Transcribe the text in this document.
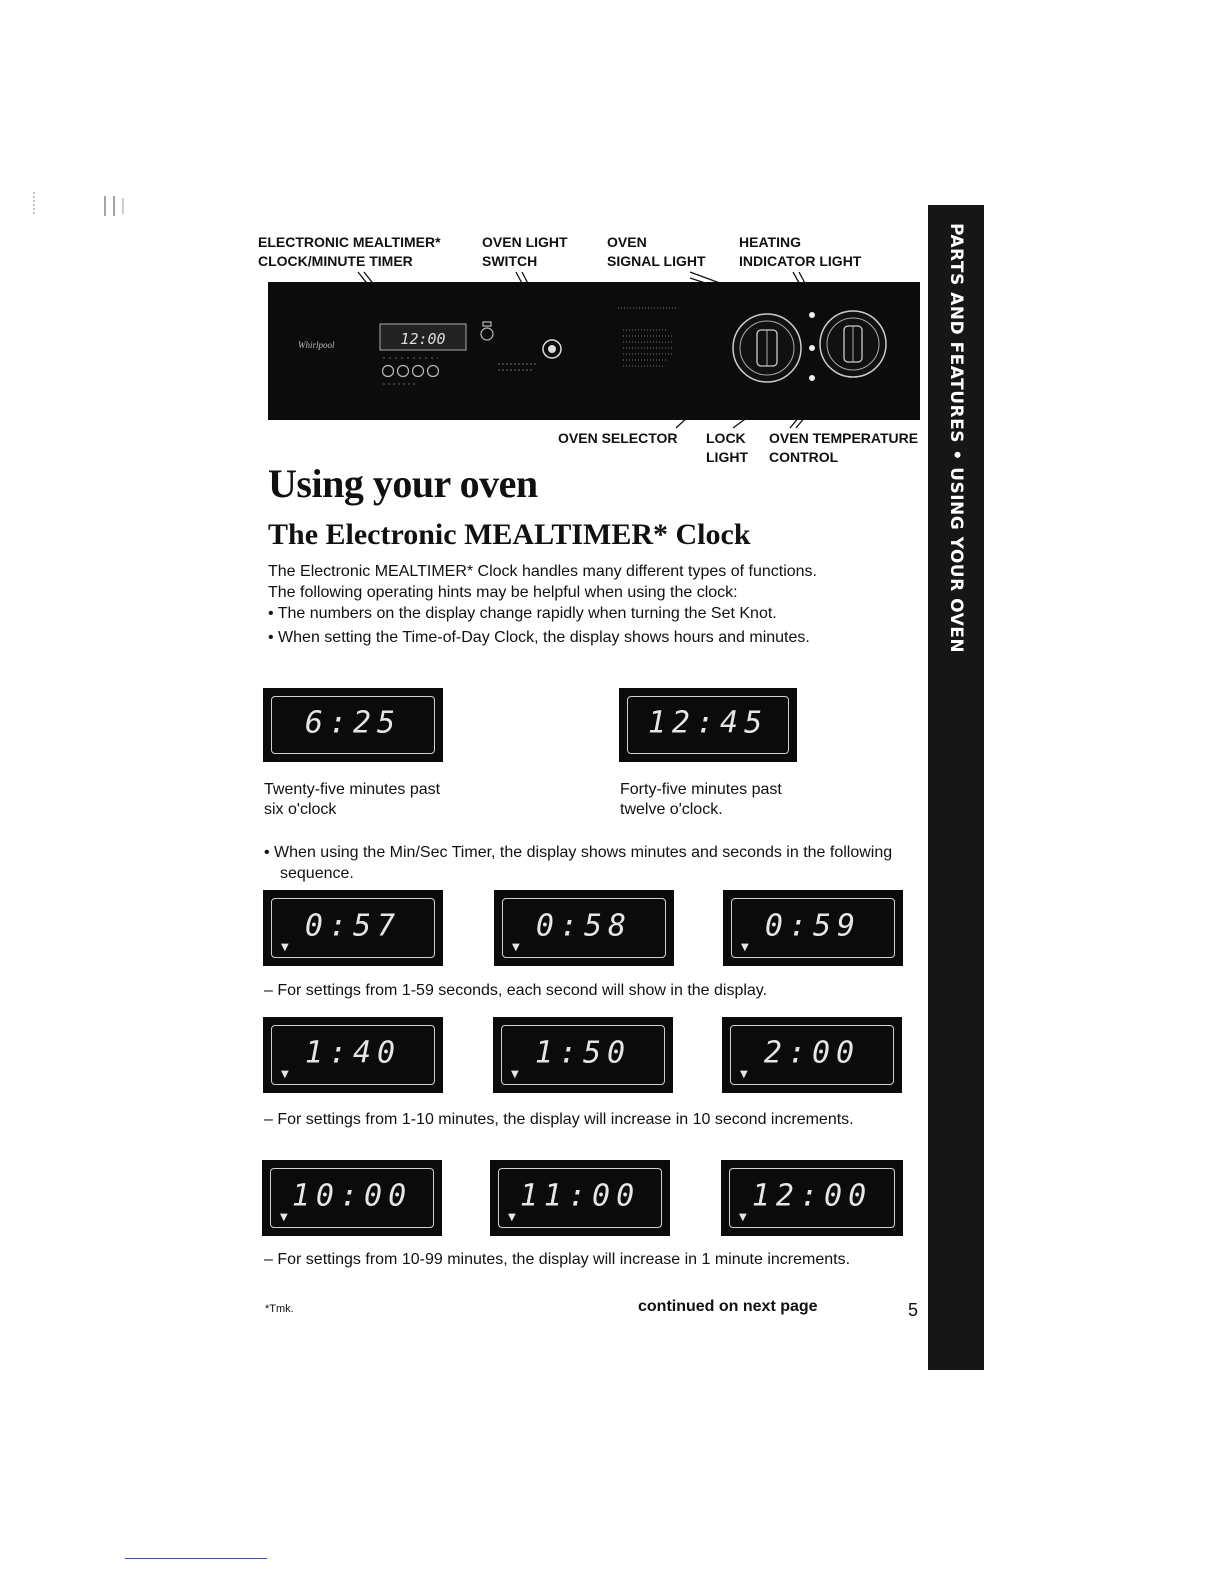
PARTS AND FEATURES • USING YOUR OVEN
ELECTRONIC MEALTIMER*
CLOCK/MINUTE TIMER
OVEN LIGHT
SWITCH
OVEN
SIGNAL LIGHT
HEATING
INDICATOR LIGHT
OVEN SELECTOR LOCK
LIGHT
OVEN TEMPERATURE
CONTROL
Whirlpool	12:00
Using your oven
The Electronic MEALTIMER* Clock
The Electronic MEALTIMER* Clock handles many different types of functions.
The following operating hints may be helpful when using the clock:
• The numbers on the display change rapidly when turning the Set Knot.
• When setting the Time-of-Day Clock, the display shows hours and minutes.
6:25
Twenty-five minutes past
six o'clock
12:45
Forty-five minutes past
twelve o'clock.
• When using the Min/Sec Timer, the display shows minutes and seconds in the following sequence.
0:57
▼
0:58
▼
0:59
▼
– For settings from 1-59 seconds, each second will show in the display.
1:40
▼
1:50
▼
2:00
▼
– For settings from 1-10 minutes, the display will increase in 10 second increments.
10:00
▼
11:00
▼
12:00
▼
– For settings from 10-99 minutes, the display will increase in 1 minute increments.
*Tmk.	continued on next page	5
